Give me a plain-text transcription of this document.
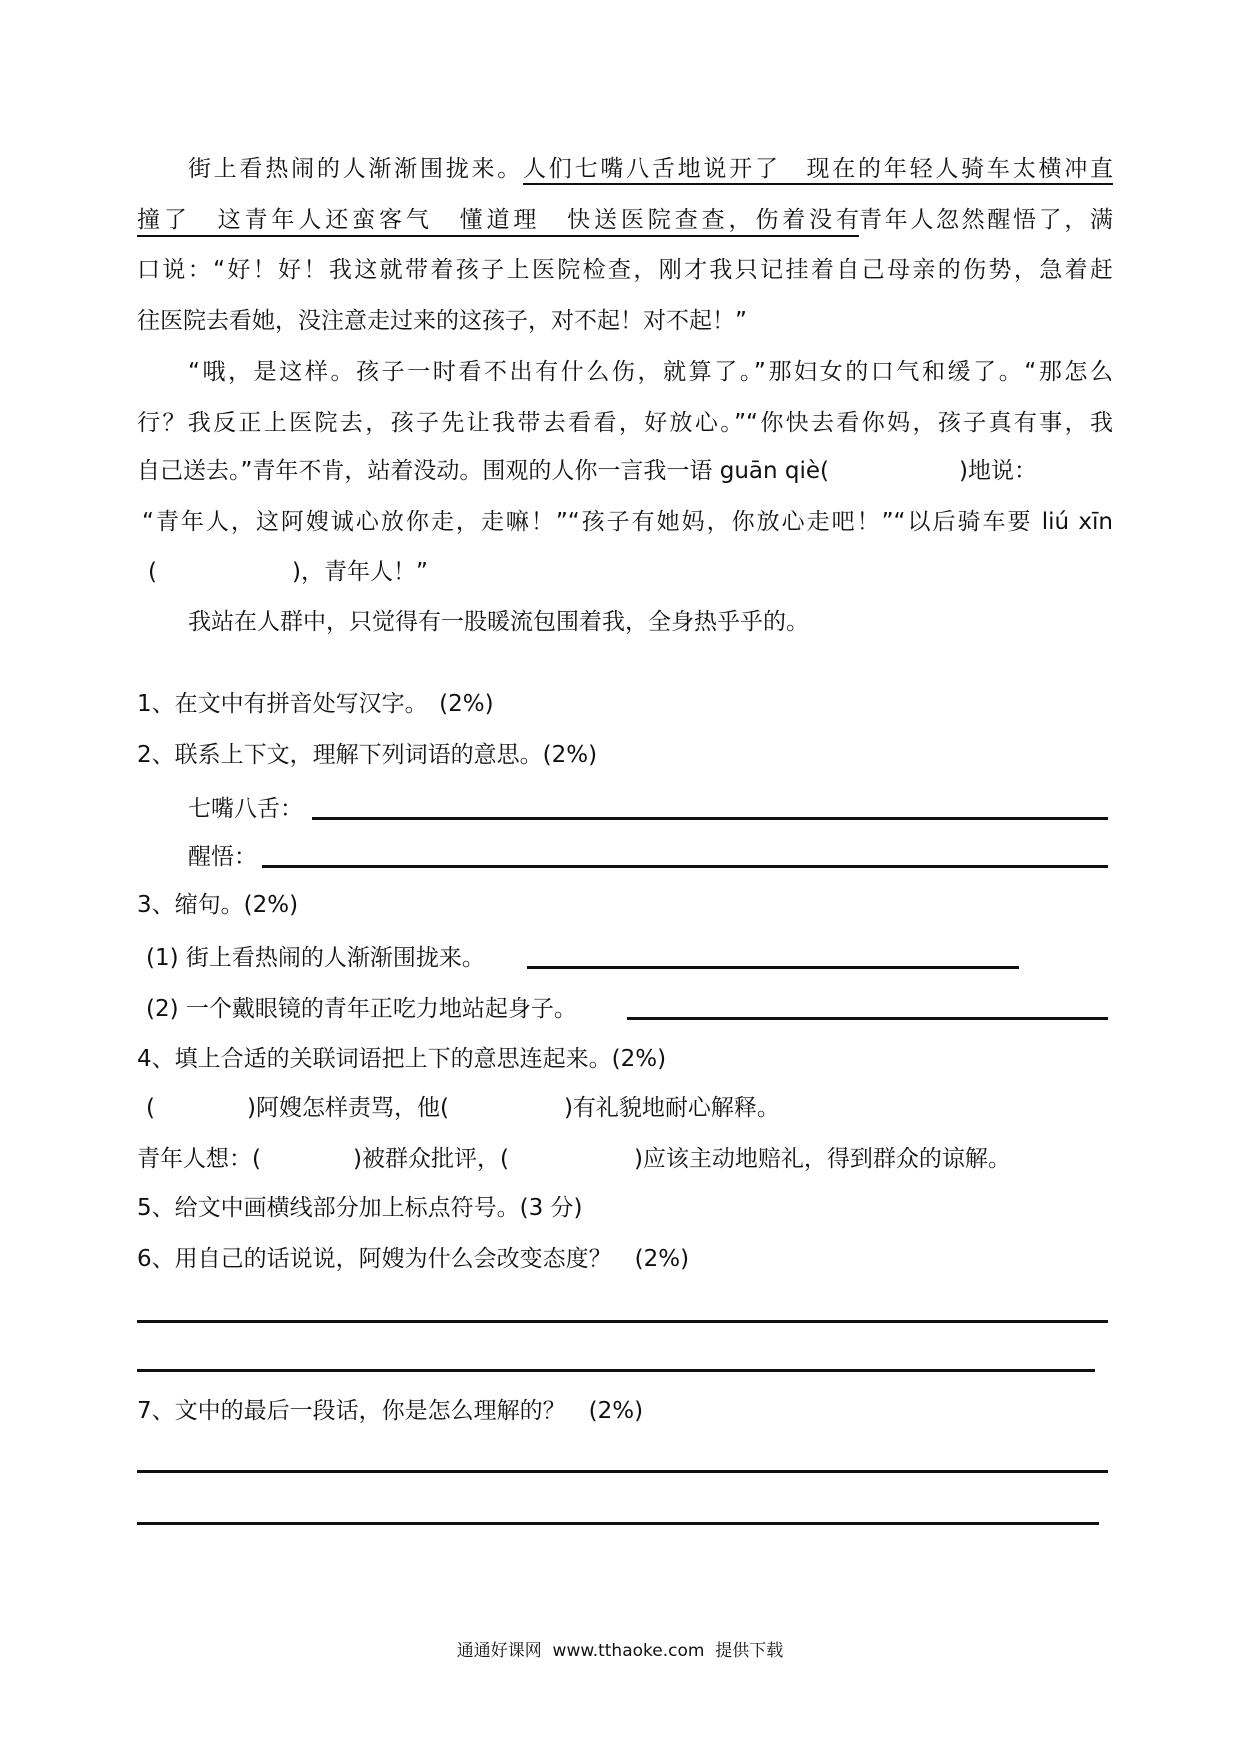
街上看热闹的人渐渐围拢来。人们七嘴八舌地说开了　现在的年轻人骑车太横冲直
撞了　这青年人还蛮客气　懂道理　快送医院查查，伤着没有　青年人忽然醒悟了，满
口说：“好！好！我这就带着孩子上医院检查，刚才我只记挂着自己母亲的伤势，急着赶
往医院去看她，没注意走过来的这孩子，对不起！对不起！”
“哦，是这样。孩子一时看不出有什么伤，就算了。”那妇女的口气和缓了。“那怎么
行？我反正上医院去，孩子先让我带去看看，好放心。”“你快去看你妈，孩子真有事，我
自己送去。”青年不肯，站着没动。围观的人你一言我一语 guān qiè(	)地说：
“青年人，这阿嫂诚心放你走，走嘛！”“孩子有她妈，你放心走吧！”“以后骑车要 liú xīn
(	)，青年人！”
我站在人群中，只觉得有一股暖流包围着我，全身热乎乎的。
1、在文中有拼音处写汉字。　(2%)
2、联系上下文，理解下列词语的意思。(2%)
七嘴八舌：
醒悟：
3、缩句。(2%)
(1) 街上看热闹的人渐渐围拢来。
(2) 一个戴眼镜的青年正吃力地站起身子。
4、填上合适的关联词语把上下的意思连起来。(2%)
(	)阿嫂怎样责骂，他(	)有礼貌地耐心解释。
青年人想：(	)被群众批评，(	)应该主动地赔礼，得到群众的谅解。
5、给文中画横线部分加上标点符号。(3 分)
6、用自己的话说说，阿嫂为什么会改变态度？　(2%)
7、文中的最后一段话，你是怎么理解的？　(2%)
通通好课网  www.tthaoke.com  提供下载
